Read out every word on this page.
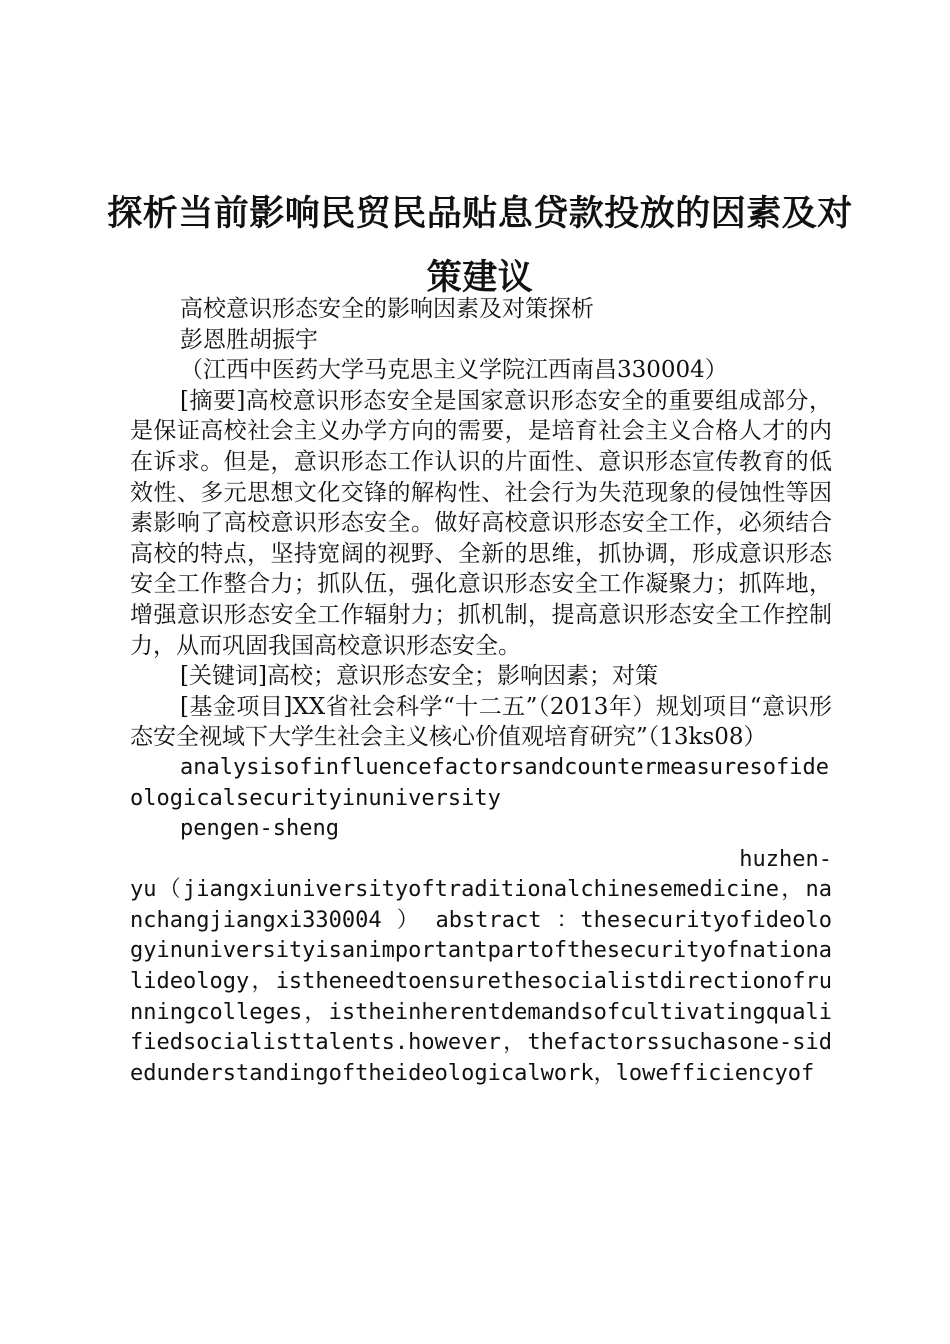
探析当前影响民贸民品贴息贷款投放的因素及对策建议

高校意识形态安全的影响因素及对策探析

彭恩胜胡振宇

（江西中医药大学马克思主义学院江西南昌330004）

[摘要]高校意识形态安全是国家意识形态安全的重要组成部分，是保证高校社会主义办学方向的需要，是培育社会主义合格人才的内在诉求。但是，意识形态工作认识的片面性、意识形态宣传教育的低效性、多元思想文化交锋的解构性、社会行为失范现象的侵蚀性等因素影响了高校意识形态安全。做好高校意识形态安全工作，必须结合高校的特点，坚持宽阔的视野、全新的思维，抓协调，形成意识形态安全工作整合力；抓队伍，强化意识形态安全工作凝聚力；抓阵地，增强意识形态安全工作辐射力；抓机制，提高意识形态安全工作控制力，从而巩固我国高校意识形态安全。

[关键词]高校；意识形态安全；影响因素；对策

[基金项目]XX省社会科学“十二五”（2013年）规划项目“意识形态安全视域下大学生社会主义核心价值观培育研究”（13ks08）

analysisofinfluencefactorsandcountermeasuresofideologicalsecurityinuniversity

pengen-sheng

huzhen-

yu（jiangxiuniversityoftraditionalchinesemedicine，nanchangjiangxi330004 ） abstract ：thesecurityofideologyinuniversityisanimportantpartofthesecurityofnationalideology，istheneedtoensurethesocialistdirectionofrunningcolleges，istheinherentdemandsofcultivatingqualifiedsocialisttalents.however，thefactorssuchasone-sidedunderstandingoftheideologicalwork，lowefficiencyof
